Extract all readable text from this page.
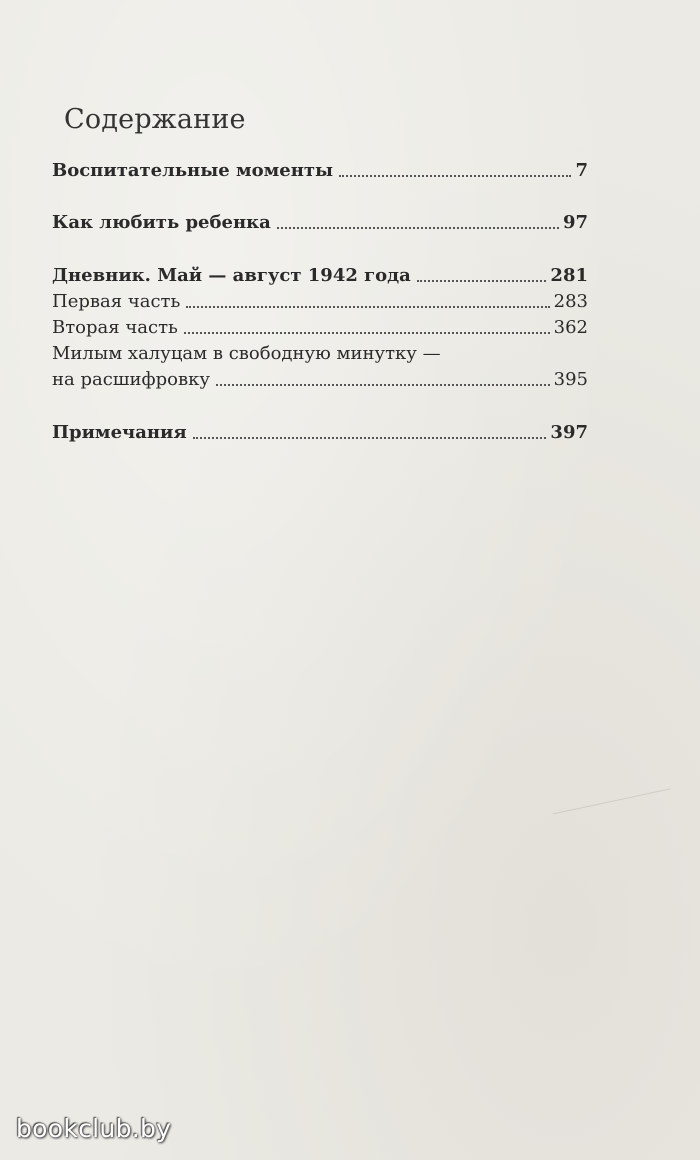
Содержание
Воспитательные моменты	7
Как любить ребенка	97
Дневник. Май — август 1942 года	281
Первая часть	283
Вторая часть	362
Милым халуцам в свободную минутку —
на расшифровку	395
Примечания	397
bookclub.by
